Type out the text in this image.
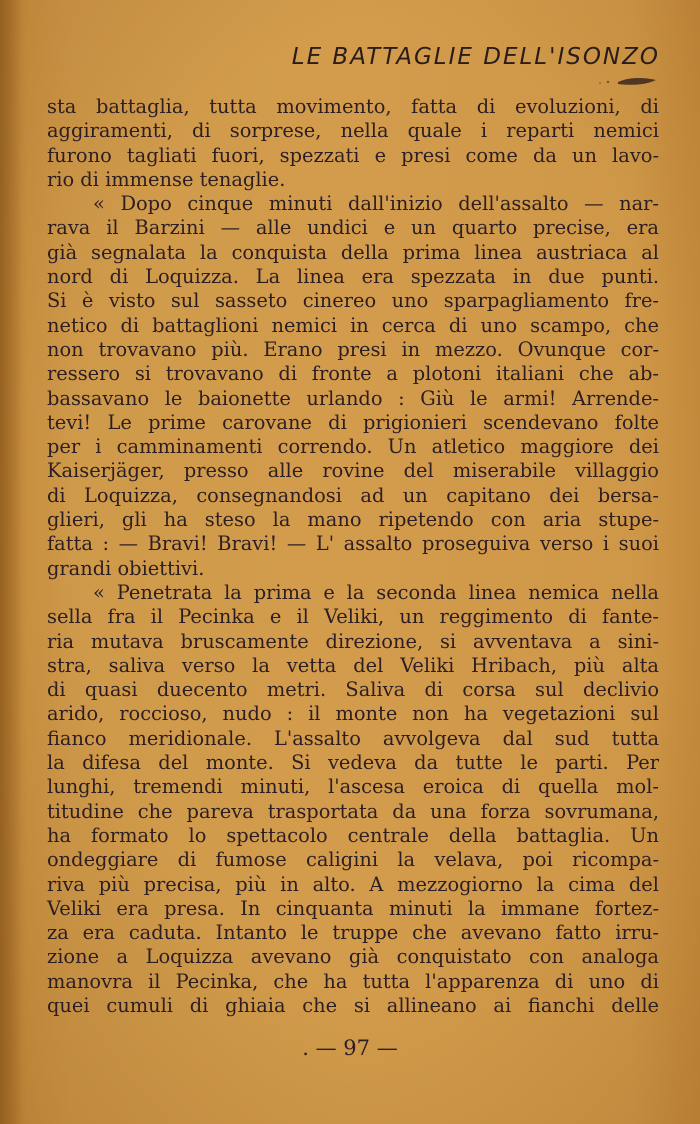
LE BATTAGLIE DELL'ISONZO
sta battaglia, tutta movimento, fatta di evoluzioni, di
aggiramenti, di sorprese, nella quale i reparti nemici
furono tagliati fuori, spezzati e presi come da un lavo-
rio di immense tenaglie.
« Dopo cinque minuti dall'inizio dell'assalto — nar-
rava il Barzini — alle undici e un quarto precise, era
già segnalata la conquista della prima linea austriaca al
nord di Loquizza. La linea era spezzata in due punti.
Si è visto sul sasseto cinereo uno sparpagliamento fre-
netico di battaglioni nemici in cerca di uno scampo, che
non trovavano più. Erano presi in mezzo. Ovunque cor-
ressero si trovavano di fronte a plotoni italiani che ab-
bassavano le baionette urlando : Giù le armi! Arrende-
tevi! Le prime carovane di prigionieri scendevano folte
per i camminamenti correndo. Un atletico maggiore dei
Kaiserjäger, presso alle rovine del miserabile villaggio
di Loquizza, consegnandosi ad un capitano dei bersa-
glieri, gli ha steso la mano ripetendo con aria stupe-
fatta : — Bravi! Bravi! — L' assalto proseguiva verso i suoi
grandi obiettivi.
« Penetrata la prima e la seconda linea nemica nella
sella fra il Pecinka e il Veliki, un reggimento di fante-
ria mutava bruscamente direzione, si avventava a sini-
stra, saliva verso la vetta del Veliki Hribach, più alta
di quasi duecento metri. Saliva di corsa sul declivio
arido, roccioso, nudo : il monte non ha vegetazioni sul
fianco meridionale. L'assalto avvolgeva dal sud tutta
la difesa del monte. Si vedeva da tutte le parti. Per
lunghi, tremendi minuti, l'ascesa eroica di quella mol-
titudine che pareva trasportata da una forza sovrumana,
ha formato lo spettacolo centrale della battaglia. Un
ondeggiare di fumose caligini la velava, poi ricompa-
riva più precisa, più in alto. A mezzogiorno la cima del
Veliki era presa. In cinquanta minuti la immane fortez-
za era caduta. Intanto le truppe che avevano fatto irru-
zione a Loquizza avevano già conquistato con analoga
manovra il Pecinka, che ha tutta l'apparenza di uno di
quei cumuli di ghiaia che si allineano ai fianchi delle

. — 97 —
